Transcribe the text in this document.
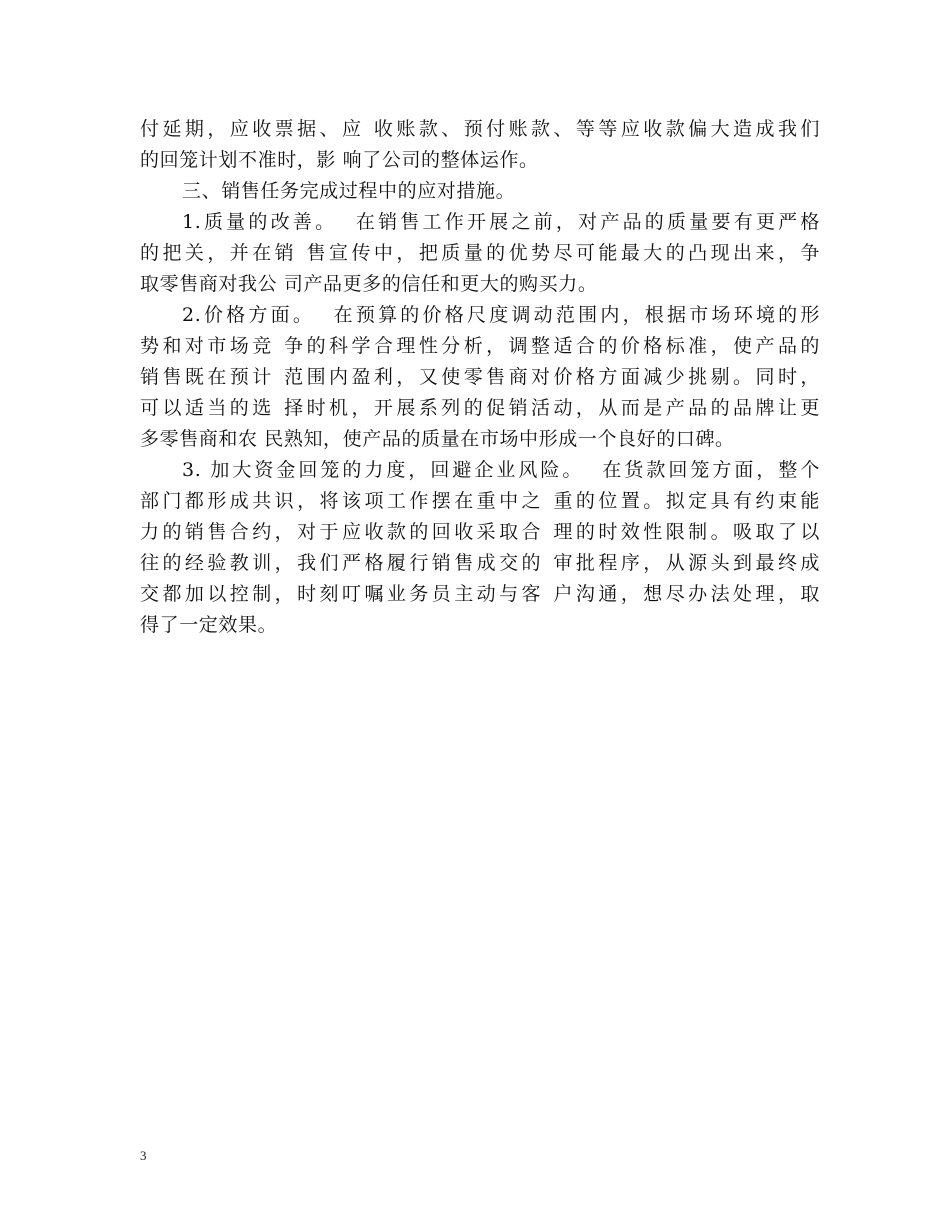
付延期，应收票据、应 收账款、预付账款、等等应收款偏大造成我们
的回笼计划不准时，影 响了公司的整体运作。
三、销售任务完成过程中的应对措施。
1.质量的改善。  在销售工作开展之前，对产品的质量要有更严格
的把关，并在销 售宣传中，把质量的优势尽可能最大的凸现出来，争
取零售商对我公 司产品更多的信任和更大的购买力。
2.价格方面。  在预算的价格尺度调动范围内，根据市场环境的形
势和对市场竞 争的科学合理性分析，调整适合的价格标准，使产品的
销售既在预计 范围内盈利，又使零售商对价格方面减少挑剔。同时，
可以适当的选 择时机，开展系列的促销活动，从而是产品的品牌让更
多零售商和农 民熟知，使产品的质量在市场中形成一个良好的口碑。
3. 加大资金回笼的力度，回避企业风险。  在货款回笼方面，整个
部门都形成共识，将该项工作摆在重中之 重的位置。拟定具有约束能
力的销售合约，对于应收款的回收采取合 理的时效性限制。吸取了以
往的经验教训，我们严格履行销售成交的 审批程序，从源头到最终成
交都加以控制，时刻叮嘱业务员主动与客 户沟通，想尽办法处理，取
得了一定效果。
3
